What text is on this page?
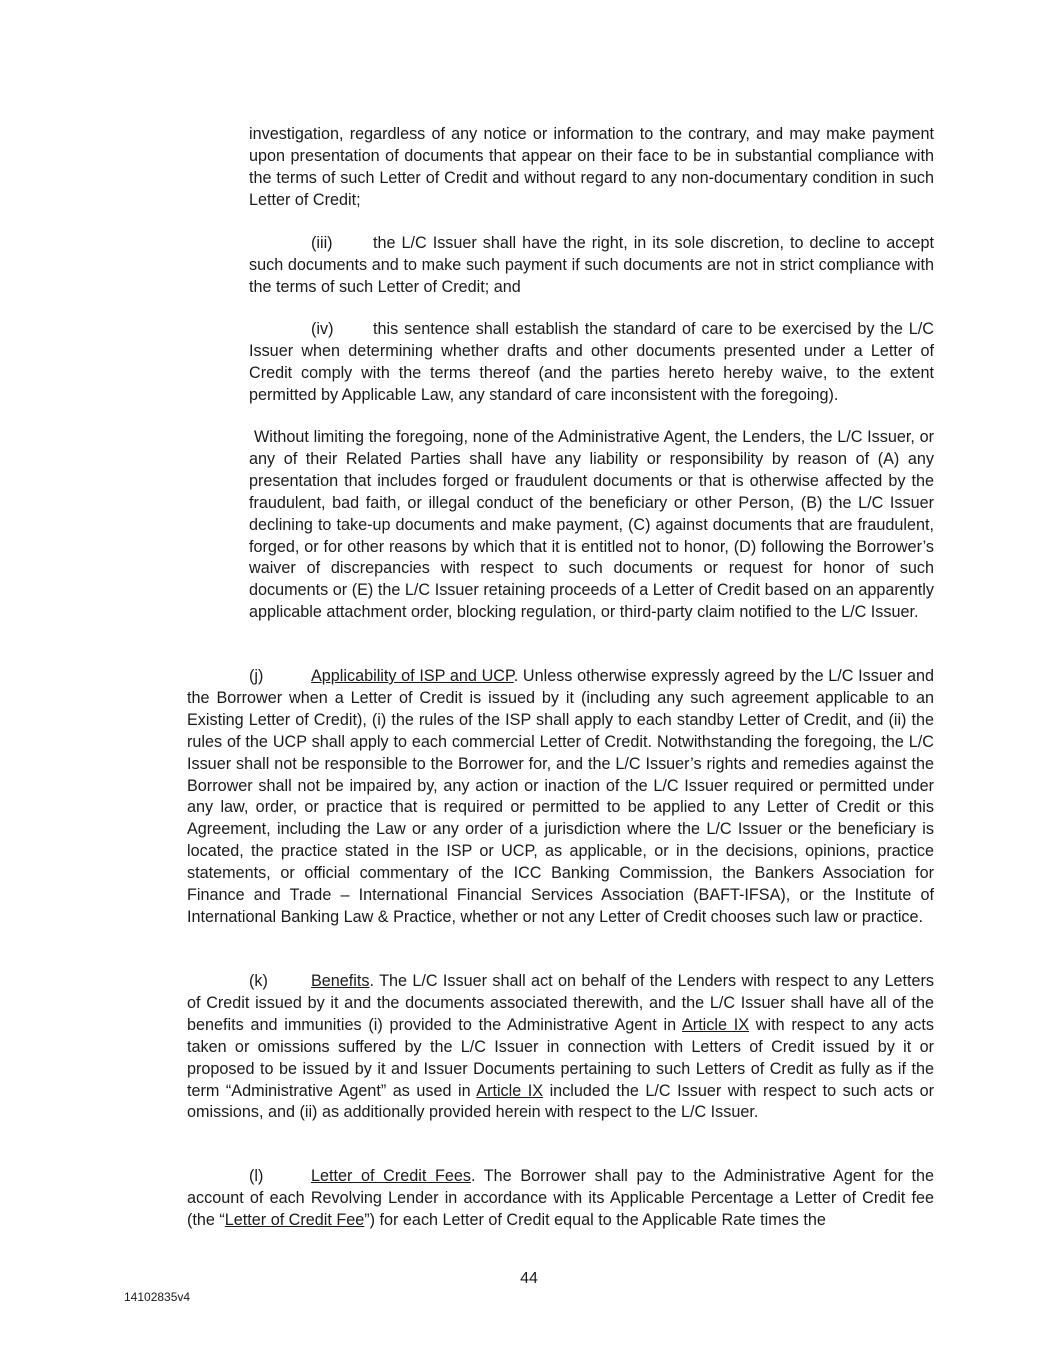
investigation, regardless of any notice or information to the contrary, and may make payment upon presentation of documents that appear on their face to be in substantial compliance with the terms of such Letter of Credit and without regard to any non-documentary condition in such Letter of Credit;

(iii) the L/C Issuer shall have the right, in its sole discretion, to decline to accept such documents and to make such payment if such documents are not in strict compliance with the terms of such Letter of Credit; and

(iv) this sentence shall establish the standard of care to be exercised by the L/C Issuer when determining whether drafts and other documents presented under a Letter of Credit comply with the terms thereof (and the parties hereto hereby waive, to the extent permitted by Applicable Law, any standard of care inconsistent with the foregoing).

Without limiting the foregoing, none of the Administrative Agent, the Lenders, the L/C Issuer, or any of their Related Parties shall have any liability or responsibility by reason of (A) any presentation that includes forged or fraudulent documents or that is otherwise affected by the fraudulent, bad faith, or illegal conduct of the beneficiary or other Person, (B) the L/C Issuer declining to take-up documents and make payment, (C) against documents that are fraudulent, forged, or for other reasons by which that it is entitled not to honor, (D) following the Borrower’s waiver of discrepancies with respect to such documents or request for honor of such documents or (E) the L/C Issuer retaining proceeds of a Letter of Credit based on an apparently applicable attachment order, blocking regulation, or third-party claim notified to the L/C Issuer.

(j)	Applicability of ISP and UCP. Unless otherwise expressly agreed by the L/C Issuer and the Borrower when a Letter of Credit is issued by it (including any such agreement applicable to an Existing Letter of Credit), (i) the rules of the ISP shall apply to each standby Letter of Credit, and (ii) the rules of the UCP shall apply to each commercial Letter of Credit. Notwithstanding the foregoing, the L/C Issuer shall not be responsible to the Borrower for, and the L/C Issuer’s rights and remedies against the Borrower shall not be impaired by, any action or inaction of the L/C Issuer required or permitted under any law, order, or practice that is required or permitted to be applied to any Letter of Credit or this Agreement, including the Law or any order of a jurisdiction where the L/C Issuer or the beneficiary is located, the practice stated in the ISP or UCP, as applicable, or in the decisions, opinions, practice statements, or official commentary of the ICC Banking Commission, the Bankers Association for Finance and Trade – International Financial Services Association (BAFT-IFSA), or the Institute of International Banking Law & Practice, whether or not any Letter of Credit chooses such law or practice.

(k)	Benefits. The L/C Issuer shall act on behalf of the Lenders with respect to any Letters of Credit issued by it and the documents associated therewith, and the L/C Issuer shall have all of the benefits and immunities (i) provided to the Administrative Agent in Article IX with respect to any acts taken or omissions suffered by the L/C Issuer in connection with Letters of Credit issued by it or proposed to be issued by it and Issuer Documents pertaining to such Letters of Credit as fully as if the term “Administrative Agent” as used in Article IX included the L/C Issuer with respect to such acts or omissions, and (ii) as additionally provided herein with respect to the L/C Issuer.

(l)	Letter of Credit Fees. The Borrower shall pay to the Administrative Agent for the account of each Revolving Lender in accordance with its Applicable Percentage a Letter of Credit fee (the “Letter of Credit Fee”) for each Letter of Credit equal to the Applicable Rate times the

44
14102835v4
